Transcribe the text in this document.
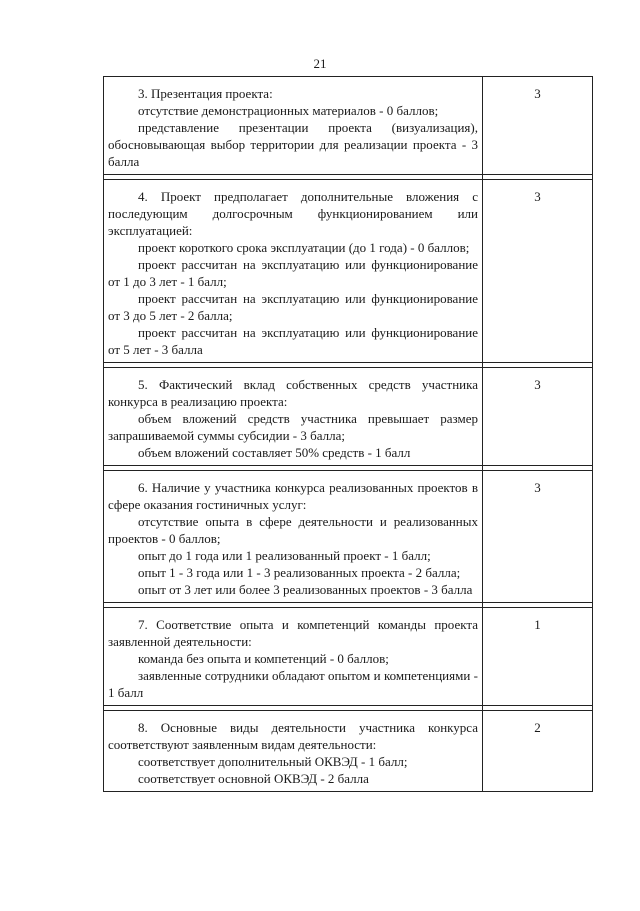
21

3. Презентация проекта:

отсутствие демонстрационных материалов - 0 баллов;

представление презентации проекта (визуализация), обосновывающая выбор территории для реализации проекта - 3 балла	3

4. Проект предполагает дополнительные вложения с последующим долгосрочным функционированием или эксплуатацией:

проект короткого срока эксплуатации (до 1 года) - 0 баллов;

проект рассчитан на эксплуатацию или функционирование от 1 до 3 лет - 1 балл;

проект рассчитан на эксплуатацию или функционирование от 3 до 5 лет - 2 балла;

проект рассчитан на эксплуатацию или функционирование от 5 лет - 3 балла	3

5. Фактический вклад собственных средств участника конкурса в реализацию проекта:

объем вложений средств участника превышает размер запрашиваемой суммы субсидии - 3 балла;

объем вложений составляет 50% средств - 1 балл	3

6. Наличие у участника конкурса реализованных проектов в сфере оказания гостиничных услуг:

отсутствие опыта в сфере деятельности и реализованных проектов - 0 баллов;

опыт до 1 года или 1 реализованный проект - 1 балл;

опыт 1 - 3 года или 1 - 3 реализованных проекта - 2 балла;

опыт от 3 лет или более 3 реализованных проектов - 3 балла	3

7. Соответствие опыта и компетенций команды проекта заявленной деятельности:

команда без опыта и компетенций - 0 баллов;

заявленные сотрудники обладают опытом и компетенциями - 1 балл	1

8. Основные виды деятельности участника конкурса соответствуют заявленным видам деятельности:

соответствует дополнительный ОКВЭД - 1 балл;

соответствует основной ОКВЭД - 2 балла	2
